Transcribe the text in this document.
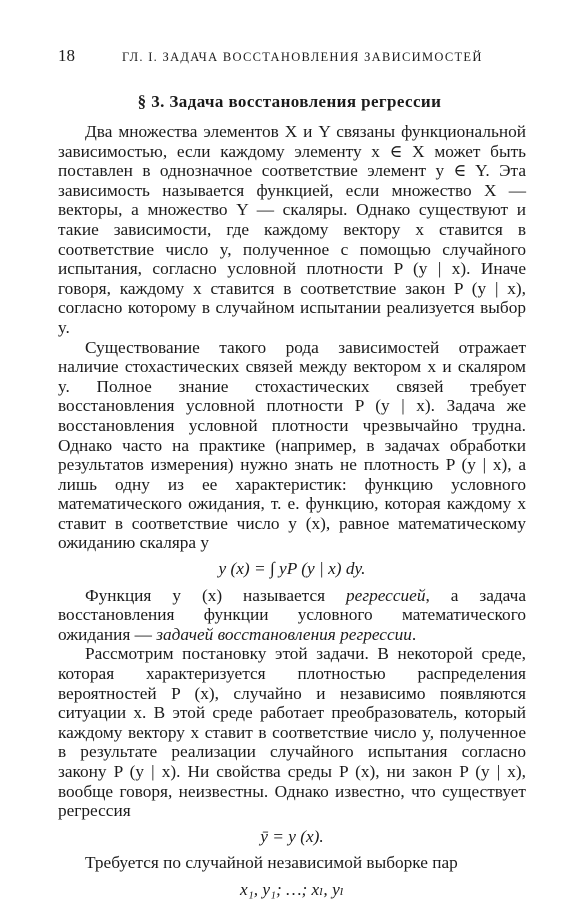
18	ГЛ. I. ЗАДАЧА ВОССТАНОВЛЕНИЯ ЗАВИСИМОСТЕЙ
§ 3. Задача восстановления регрессии

Два множества элементов X и Y связаны функциональной зависимостью, если каждому элементу x ∈ X может быть поставлен в однозначное соответствие элемент y ∈ Y. Эта зависимость называется функцией, если множество X — векторы, а множество Y — скаляры. Однако существуют и такие зависимости, где каждому вектору x ставится в соответствие число y, полученное с помощью случайного испытания, согласно условной плотности P (y | x). Иначе говоря, каждому x ставится в соответствие закон P (y | x), согласно которому в случайном испытании реализуется выбор y.

Существование такого рода зависимостей отражает наличие стохастических связей между вектором x и скаляром y. Полное знание стохастических связей требует восстановления условной плотности P (y | x). Задача же восстановления условной плотности чрезвычайно трудна. Однако часто на практике (например, в задачах обработки результатов измерения) нужно знать не плотность P (y | x), а лишь одну из ее характеристик: функцию условного математического ожидания, т. е. функцию, которая каждому x ставит в соответствие число y (x), равное математическому ожиданию скаляра y

y (x) = ∫ yP (y | x) dy.

Функция y (x) называется регрессией, а задача восстановления функции условного математического ожидания — задачей восстановления регрессии.

Рассмотрим постановку этой задачи. В некоторой среде, которая характеризуется плотностью распределения вероятностей P (x), случайно и независимо появляются ситуации x. В этой среде работает преобразователь, который каждому вектору x ставит в соответствие число y, полученное в результате реализации случайного испытания согласно закону P (y | x). Ни свойства среды P (x), ни закон P (y | x), вообще говоря, неизвестны. Однако известно, что существует регрессия

ȳ = y (x).

Требуется по случайной независимой выборке пар

x₁, y₁; …; xₗ, yₗ
